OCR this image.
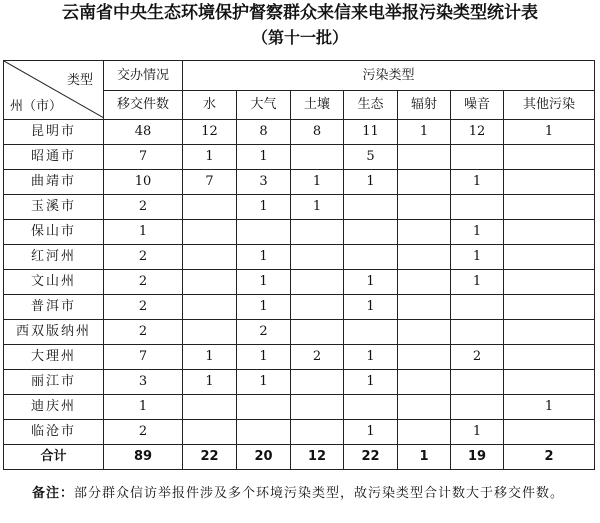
云南省中央生态环境保护督察群众来信来电举报污染类型统计表
（第十一批）
类型
州（市）	交办情况	污染类型						
	移交件数	水	大气	土壤	生态	辐射	噪音	其他污染
昆明市	48	12	8	8	11	1	12	1
昭通市	7	1	1		5			
曲靖市	10	7	3	1	1		1	
玉溪市	2		1	1				
保山市	1						1	
红河州	2		1				1	
文山州	2		1		1		1	
普洱市	2		1		1			
西双版纳州	2		2					
大理州	7	1	1	2	1		2	
丽江市	3	1	1		1			
迪庆州	1							1
临沧市	2				1		1	
合计	89	22	20	12	22	1	19	2
备注：部分群众信访举报件涉及多个环境污染类型，故污染类型合计数大于移交件数。
